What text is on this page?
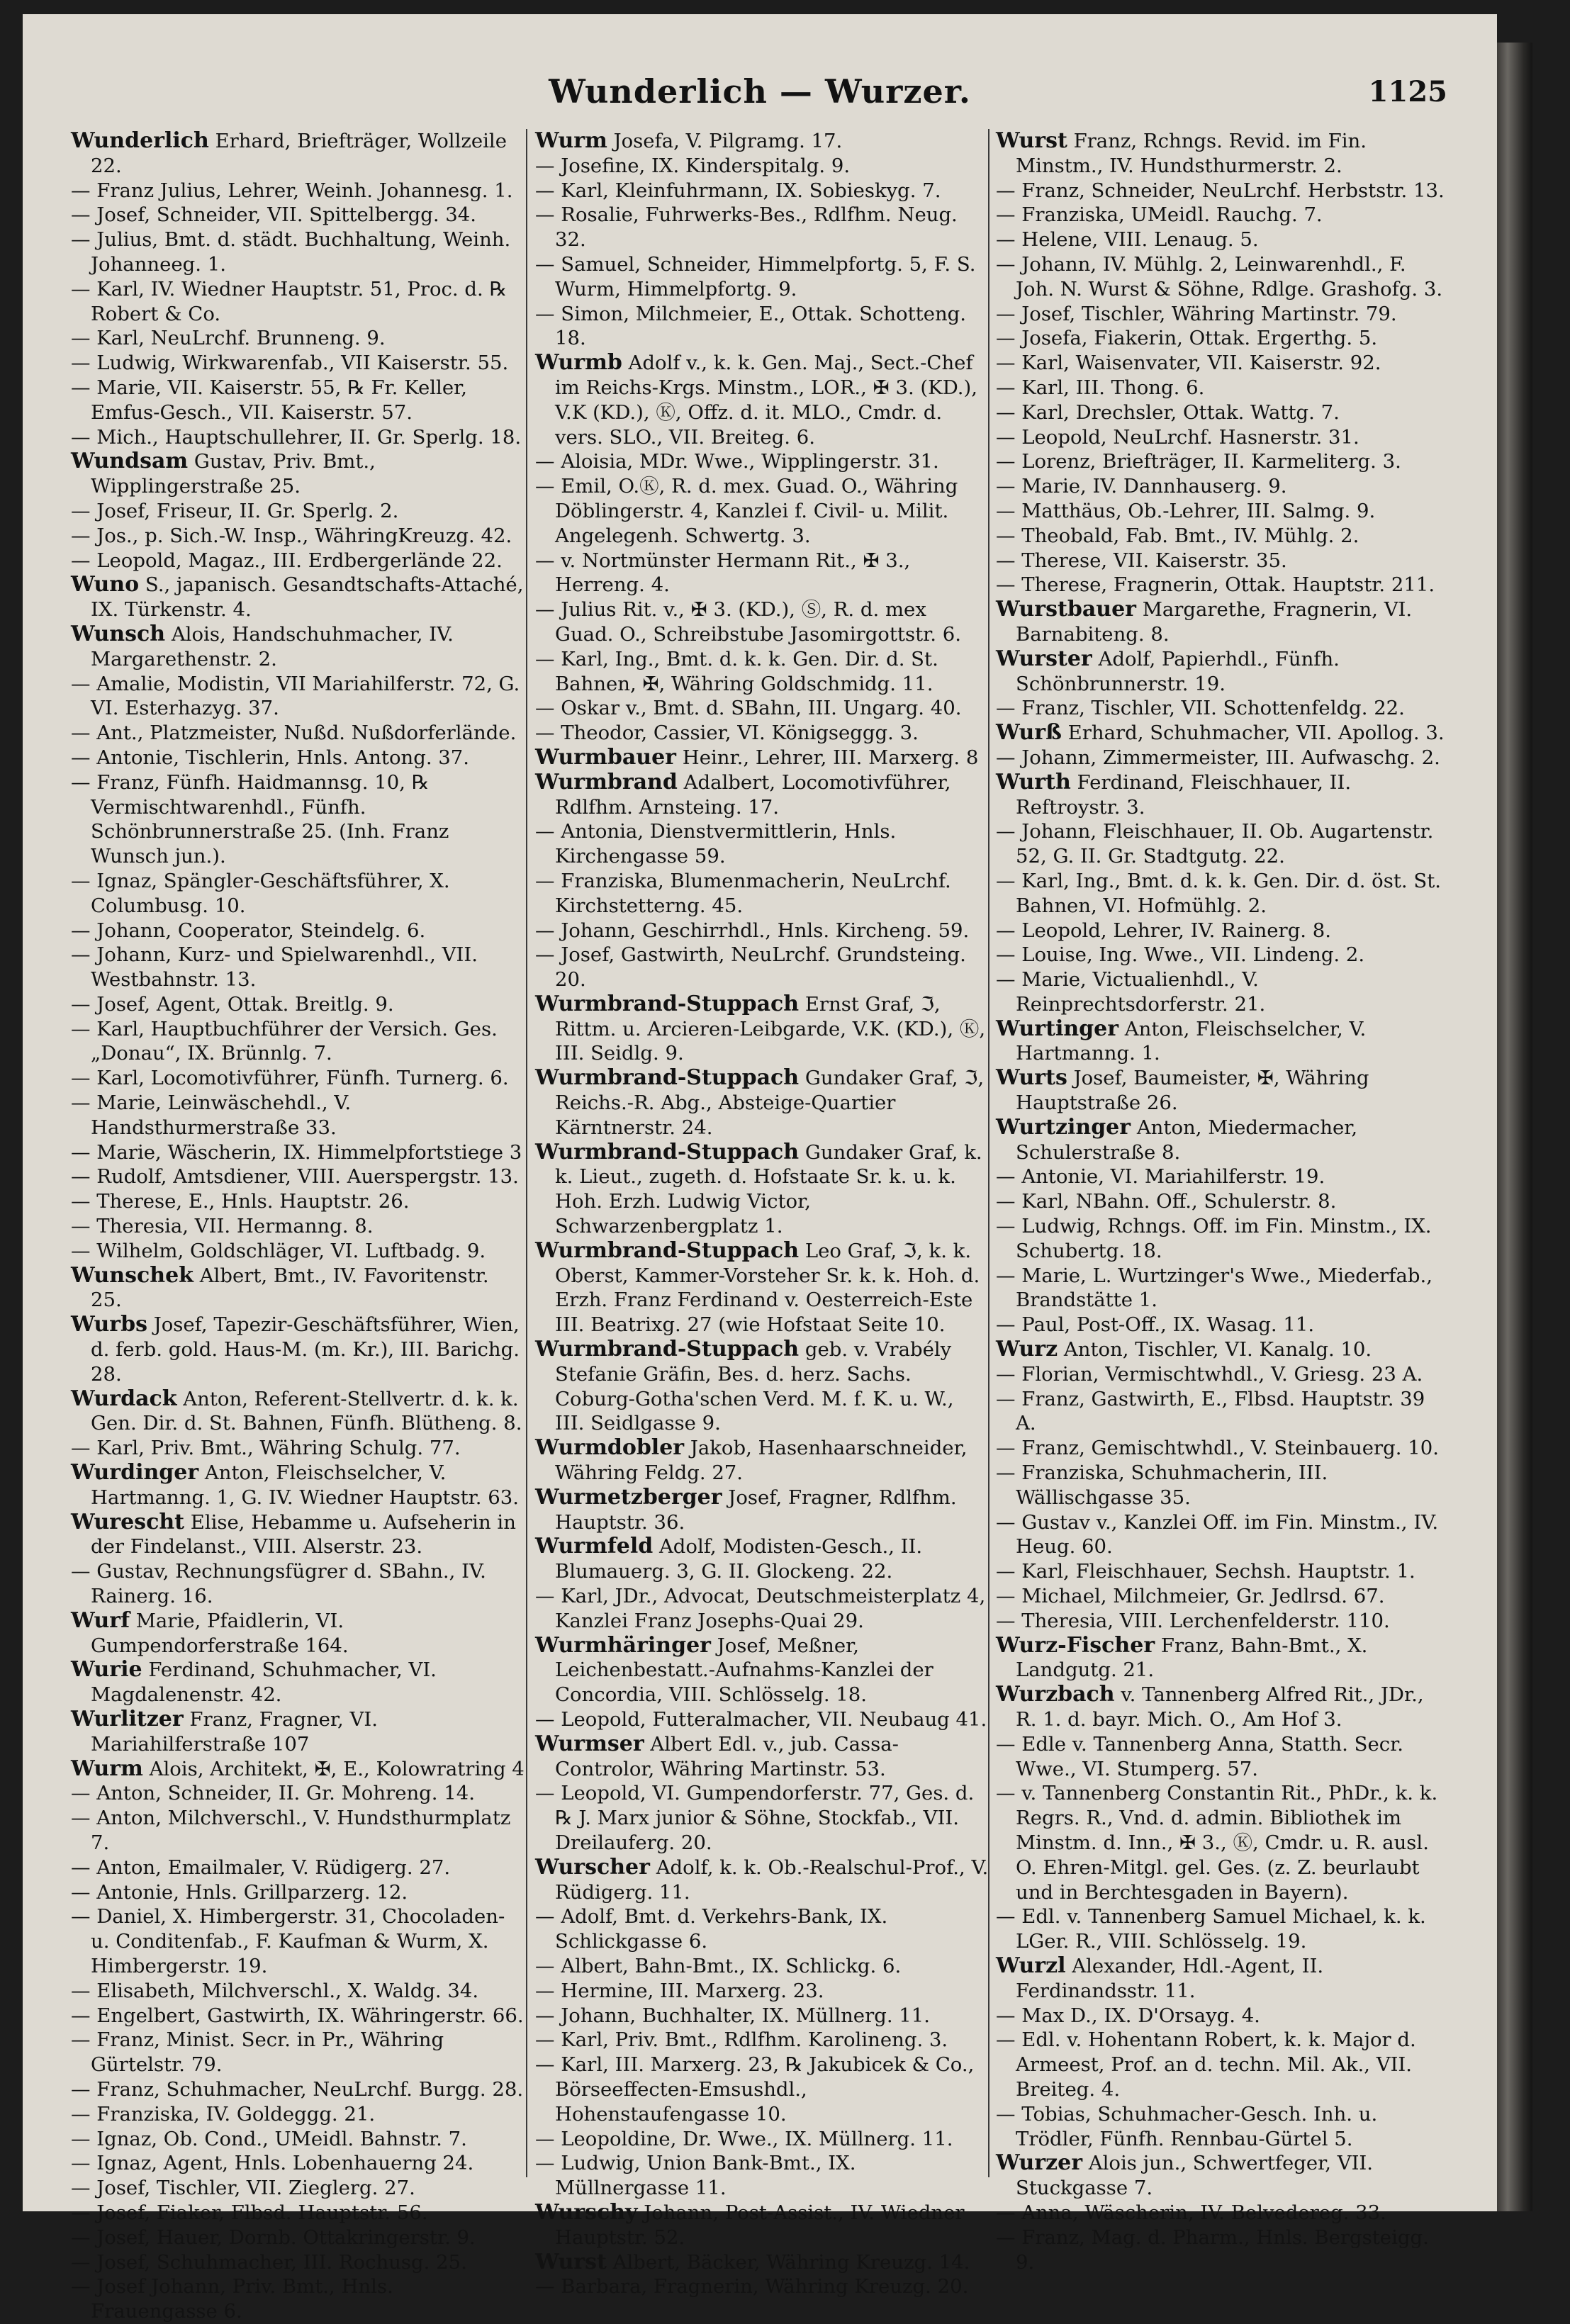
Wunderlich — Wurzer.	1125

Wunderlich Erhard, Briefträger, Wollzeile 22.

— Franz Julius, Lehrer, Weinh. Johannesg. 1.

— Josef, Schneider, VII. Spittelbergg. 34.

— Julius, Bmt. d. städt. Buchhaltung, Weinh. Johanneeg. 1.

— Karl, IV. Wiedner Hauptstr. 51, Proc. d. ℞ Robert & Co.

— Karl, NeuLrchf. Brunneng. 9.

— Ludwig, Wirkwarenfab., VII Kaiserstr. 55.

— Marie, VII. Kaiserstr. 55, ℞ Fr. Keller, Emfus-Gesch., VII. Kaiserstr. 57.

— Mich., Hauptschullehrer, II. Gr. Sperlg. 18.

Wundsam Gustav, Priv. Bmt., Wipplingerstraße 25.

— Josef, Friseur, II. Gr. Sperlg. 2.

— Jos., p. Sich.-W. Insp., WähringKreuzg. 42.

— Leopold, Magaz., III. Erdbergerlände 22.

Wuno S., japanisch. Gesandtschafts-Attaché, IX. Türkenstr. 4.

Wunsch Alois, Handschuhmacher, IV. Margarethenstr. 2.

— Amalie, Modistin, VII Mariahilferstr. 72, G. VI. Esterhazyg. 37.

— Ant., Platzmeister, Nußd. Nußdorferlände.

— Antonie, Tischlerin, Hnls. Antong. 37.

— Franz, Fünfh. Haidmannsg. 10, ℞ Vermischtwarenhdl., Fünfh. Schönbrunnerstraße 25. (Inh. Franz Wunsch jun.).

— Ignaz, Spängler-Geschäftsführer, X. Columbusg. 10.

— Johann, Cooperator, Steindelg. 6.

— Johann, Kurz- und Spielwarenhdl., VII. Westbahnstr. 13.

— Josef, Agent, Ottak. Breitlg. 9.

— Karl, Hauptbuchführer der Versich. Ges. „Donau“, IX. Brünnlg. 7.

— Karl, Locomotivführer, Fünfh. Turnerg. 6.

— Marie, Leinwäschehdl., V. Handsthurmerstraße 33.

— Marie, Wäscherin, IX. Himmelpfortstiege 3

— Rudolf, Amtsdiener, VIII. Auerspergstr. 13.

— Therese, E., Hnls. Hauptstr. 26.

— Theresia, VII. Hermanng. 8.

— Wilhelm, Goldschläger, VI. Luftbadg. 9.

Wunschek Albert, Bmt., IV. Favoritenstr. 25.

Wurbs Josef, Tapezir-Geschäftsführer, Wien, d. ferb. gold. Haus-M. (m. Kr.), III. Barichg. 28.

Wurdack Anton, Referent-Stellvertr. d. k. k. Gen. Dir. d. St. Bahnen, Fünfh. Blütheng. 8.

— Karl, Priv. Bmt., Währing Schulg. 77.

Wurdinger Anton, Fleischselcher, V. Hartmanng. 1, G. IV. Wiedner Hauptstr. 63.

Wurescht Elise, Hebamme u. Aufseherin in der Findelanst., VIII. Alserstr. 23.

— Gustav, Rechnungsfügrer d. SBahn., IV. Rainerg. 16.

Wurf Marie, Pfaidlerin, VI. Gumpendorferstraße 164.

Wurie Ferdinand, Schuhmacher, VI. Magdalenenstr. 42.

Wurlitzer Franz, Fragner, VI. Mariahilferstraße 107

Wurm Alois, Architekt, ✠, E., Kolowratring 4

— Anton, Schneider, II. Gr. Mohreng. 14.

— Anton, Milchverschl., V. Hundsthurmplatz 7.

— Anton, Emailmaler, V. Rüdigerg. 27.

— Antonie, Hnls. Grillparzerg. 12.

— Daniel, X. Himbergerstr. 31, Chocoladen- u. Conditenfab., F. Kaufman & Wurm, X. Himbergerstr. 19.

— Elisabeth, Milchverschl., X. Waldg. 34.

— Engelbert, Gastwirth, IX. Währingerstr. 66.

— Franz, Minist. Secr. in Pr., Währing Gürtelstr. 79.

— Franz, Schuhmacher, NeuLrchf. Burgg. 28.

— Franziska, IV. Goldeggg. 21.

— Ignaz, Ob. Cond., UMeidl. Bahnstr. 7.

— Ignaz, Agent, Hnls. Lobenhauerng 24.

— Josef, Tischler, VII. Zieglerg. 27.

— Josef, Fiaker, Flbsd. Hauptstr. 56.

— Josef, Hauer, Dornb. Ottakringerstr. 9.

— Josef, Schuhmacher, III. Rochusg. 25.

— Josef Johann, Priv. Bmt., Hnls. Frauengasse 6.

Wurm Josefa, V. Pilgramg. 17.

— Josefine, IX. Kinderspitalg. 9.

— Karl, Kleinfuhrmann, IX. Sobieskyg. 7.

— Rosalie, Fuhrwerks-Bes., Rdlfhm. Neug. 32.

— Samuel, Schneider, Himmelpfortg. 5, F. S. Wurm, Himmelpfortg. 9.

— Simon, Milchmeier, E., Ottak. Schotteng. 18.

Wurmb Adolf v., k. k. Gen. Maj., Sect.-Chef im Reichs-Krgs. Minstm., LOR., ✠ 3. (KD.), V.K (KD.), Ⓚ, Offz. d. it. MLO., Cmdr. d. vers. SLO., VII. Breiteg. 6.

— Aloisia, MDr. Wwe., Wipplingerstr. 31.

— Emil, O.Ⓚ, R. d. mex. Guad. O., Währing Döblingerstr. 4, Kanzlei f. Civil- u. Milit. Angelegenh. Schwertg. 3.

— v. Nortmünster Hermann Rit., ✠ 3., Herreng. 4.

— Julius Rit. v., ✠ 3. (KD.), Ⓢ, R. d. mex Guad. O., Schreibstube Jasomirgottstr. 6.

— Karl, Ing., Bmt. d. k. k. Gen. Dir. d. St. Bahnen, ✠, Währing Goldschmidg. 11.

— Oskar v., Bmt. d. SBahn, III. Ungarg. 40.

— Theodor, Cassier, VI. Königseggg. 3.

Wurmbauer Heinr., Lehrer, III. Marxerg. 8

Wurmbrand Adalbert, Locomotivführer, Rdlfhm. Arnsteing. 17.

— Antonia, Dienstvermittlerin, Hnls. Kirchengasse 59.

— Franziska, Blumenmacherin, NeuLrchf. Kirchstetterng. 45.

— Johann, Geschirrhdl., Hnls. Kircheng. 59.

— Josef, Gastwirth, NeuLrchf. Grundsteing. 20.

Wurmbrand-Stuppach Ernst Graf, ℑ, Rittm. u. Arcieren-Leibgarde, V.K. (KD.), Ⓚ, III. Seidlg. 9.

Wurmbrand-Stuppach Gundaker Graf, ℑ, Reichs.-R. Abg., Absteige-Quartier Kärntnerstr. 24.

Wurmbrand-Stuppach Gundaker Graf, k. k. Lieut., zugeth. d. Hofstaate Sr. k. u. k. Hoh. Erzh. Ludwig Victor, Schwarzenbergplatz 1.

Wurmbrand-Stuppach Leo Graf, ℑ, k. k. Oberst, Kammer-Vorsteher Sr. k. k. Hoh. d. Erzh. Franz Ferdinand v. Oesterreich-Este III. Beatrixg. 27 (wie Hofstaat Seite 10.

Wurmbrand-Stuppach geb. v. Vrabély Stefanie Gräfin, Bes. d. herz. Sachs. Coburg-Gotha'schen Verd. M. f. K. u. W., III. Seidlgasse 9.

Wurmdobler Jakob, Hasenhaarschneider, Währing Feldg. 27.

Wurmetzberger Josef, Fragner, Rdlfhm. Hauptstr. 36.

Wurmfeld Adolf, Modisten-Gesch., II. Blumauerg. 3, G. II. Glockeng. 22.

— Karl, JDr., Advocat, Deutschmeisterplatz 4, Kanzlei Franz Josephs-Quai 29.

Wurmhäringer Josef, Meßner, Leichenbestatt.-Aufnahms-Kanzlei der Concordia, VIII. Schlösselg. 18.

— Leopold, Futteralmacher, VII. Neubaug 41.

Wurmser Albert Edl. v., jub. Cassa-Controlor, Währing Martinstr. 53.

— Leopold, VI. Gumpendorferstr. 77, Ges. d. ℞ J. Marx junior & Söhne, Stockfab., VII. Dreilauferg. 20.

Wurscher Adolf, k. k. Ob.-Realschul-Prof., V. Rüdigerg. 11.

— Adolf, Bmt. d. Verkehrs-Bank, IX. Schlickgasse 6.

— Albert, Bahn-Bmt., IX. Schlickg. 6.

— Hermine, III. Marxerg. 23.

— Johann, Buchhalter, IX. Müllnerg. 11.

— Karl, Priv. Bmt., Rdlfhm. Karolineng. 3.

— Karl, III. Marxerg. 23, ℞ Jakubicek & Co., Börseeffecten-Emsushdl., Hohenstaufengasse 10.

— Leopoldine, Dr. Wwe., IX. Müllnerg. 11.

— Ludwig, Union Bank-Bmt., IX. Müllnergasse 11.

Wurschy Johann, Post-Assist., IV. Wiedner Hauptstr. 52.

Wurst Albert, Bäcker, Währing Kreuzg. 14.

— Barbara, Fragnerin, Währing Kreuzg. 20.

Wurst Franz, Rchngs. Revid. im Fin. Minstm., IV. Hundsthurmerstr. 2.

— Franz, Schneider, NeuLrchf. Herbststr. 13.

— Franziska, UMeidl. Rauchg. 7.

— Helene, VIII. Lenaug. 5.

— Johann, IV. Mühlg. 2, Leinwarenhdl., F. Joh. N. Wurst & Söhne, Rdlge. Grashofg. 3.

— Josef, Tischler, Währing Martinstr. 79.

— Josefa, Fiakerin, Ottak. Ergerthg. 5.

— Karl, Waisenvater, VII. Kaiserstr. 92.

— Karl, III. Thong. 6.

— Karl, Drechsler, Ottak. Wattg. 7.

— Leopold, NeuLrchf. Hasnerstr. 31.

— Lorenz, Briefträger, II. Karmeliterg. 3.

— Marie, IV. Dannhauserg. 9.

— Matthäus, Ob.-Lehrer, III. Salmg. 9.

— Theobald, Fab. Bmt., IV. Mühlg. 2.

— Therese, VII. Kaiserstr. 35.

— Therese, Fragnerin, Ottak. Hauptstr. 211.

Wurstbauer Margarethe, Fragnerin, VI. Barnabiteng. 8.

Wurster Adolf, Papierhdl., Fünfh. Schönbrunnerstr. 19.

— Franz, Tischler, VII. Schottenfeldg. 22.

Wurß Erhard, Schuhmacher, VII. Apollog. 3.

— Johann, Zimmermeister, III. Aufwaschg. 2.

Wurth Ferdinand, Fleischhauer, II. Reftroystr. 3.

— Johann, Fleischhauer, II. Ob. Augartenstr. 52, G. II. Gr. Stadtgutg. 22.

— Karl, Ing., Bmt. d. k. k. Gen. Dir. d. öst. St. Bahnen, VI. Hofmühlg. 2.

— Leopold, Lehrer, IV. Rainerg. 8.

— Louise, Ing. Wwe., VII. Lindeng. 2.

— Marie, Victualienhdl., V. Reinprechtsdorferstr. 21.

Wurtinger Anton, Fleischselcher, V. Hartmanng. 1.

Wurts Josef, Baumeister, ✠, Währing Hauptstraße 26.

Wurtzinger Anton, Miedermacher, Schulerstraße 8.

— Antonie, VI. Mariahilferstr. 19.

— Karl, NBahn. Off., Schulerstr. 8.

— Ludwig, Rchngs. Off. im Fin. Minstm., IX. Schubertg. 18.

— Marie, L. Wurtzinger's Wwe., Miederfab., Brandstätte 1.

— Paul, Post-Off., IX. Wasag. 11.

Wurz Anton, Tischler, VI. Kanalg. 10.

— Florian, Vermischtwhdl., V. Griesg. 23 A.

— Franz, Gastwirth, E., Flbsd. Hauptstr. 39 A.

— Franz, Gemischtwhdl., V. Steinbauerg. 10.

— Franziska, Schuhmacherin, III. Wällischgasse 35.

— Gustav v., Kanzlei Off. im Fin. Minstm., IV. Heug. 60.

— Karl, Fleischhauer, Sechsh. Hauptstr. 1.

— Michael, Milchmeier, Gr. Jedlrsd. 67.

— Theresia, VIII. Lerchenfelderstr. 110.

Wurz-Fischer Franz, Bahn-Bmt., X. Landgutg. 21.

Wurzbach v. Tannenberg Alfred Rit., JDr., R. 1. d. bayr. Mich. O., Am Hof 3.

— Edle v. Tannenberg Anna, Statth. Secr. Wwe., VI. Stumperg. 57.

— v. Tannenberg Constantin Rit., PhDr., k. k. Regrs. R., Vnd. d. admin. Bibliothek im Minstm. d. Inn., ✠ 3., Ⓚ, Cmdr. u. R. ausl. O. Ehren-Mitgl. gel. Ges. (z. Z. beurlaubt und in Berchtesgaden in Bayern).

— Edl. v. Tannenberg Samuel Michael, k. k. LGer. R., VIII. Schlösselg. 19.

Wurzl Alexander, Hdl.-Agent, II. Ferdinandsstr. 11.

— Max D., IX. D'Orsayg. 4.

— Edl. v. Hohentann Robert, k. k. Major d. Armeest, Prof. an d. techn. Mil. Ak., VII. Breiteg. 4.

— Tobias, Schuhmacher-Gesch. Inh. u. Trödler, Fünfh. Rennbau-Gürtel 5.

Wurzer Alois jun., Schwertfeger, VII. Stuckgasse 7.

— Anna, Wäscherin, IV. Belvedereg. 33.

— Franz, Mag. d. Pharm., Hnls. Bergsteigg. 9.
